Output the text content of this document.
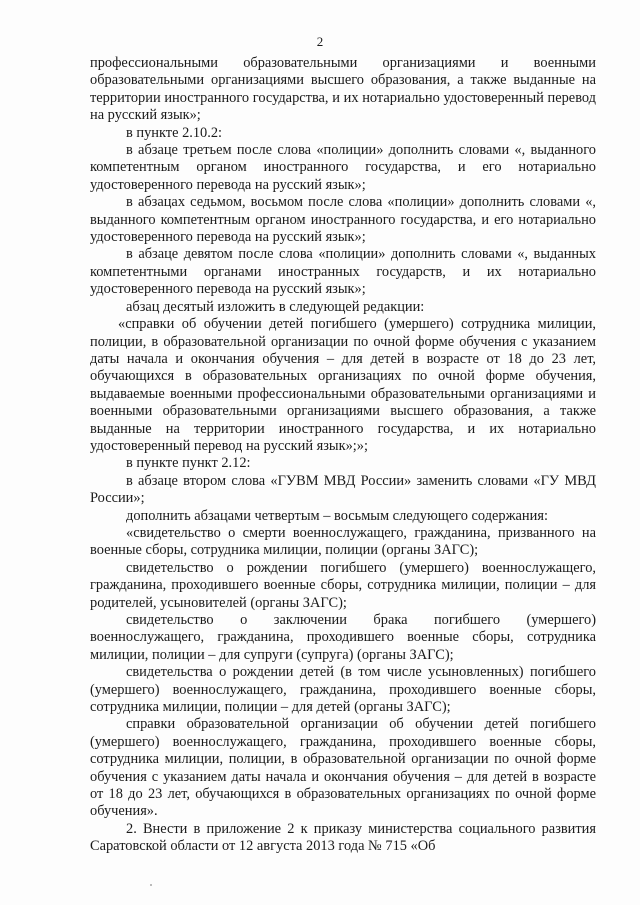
2

профессиональными образовательными организациями и военными образовательными организациями высшего образования, а также выданные на территории иностранного государства, и их нотариально удостоверенный перевод на русский язык»;

в пункте 2.10.2:

в абзаце третьем после слова «полиции» дополнить словами «, выданного компетентным органом иностранного государства, и его нотариально удостоверенного перевода на русский язык»;

в абзацах седьмом, восьмом после слова «полиции» дополнить словами «, выданного компетентным органом иностранного государства, и его нотариально удостоверенного перевода на русский язык»;

в абзаце девятом после слова «полиции» дополнить словами «, выданных компетентными органами иностранных государств, и их нотариально удостоверенного перевода на русский язык»;

абзац десятый изложить в следующей редакции:

«справки об обучении детей погибшего (умершего) сотрудника милиции, полиции, в образовательной организации по очной форме обучения с указанием даты начала и окончания обучения – для детей в возрасте от 18 до 23 лет, обучающихся в образовательных организациях по очной форме обучения, выдаваемые военными профессиональными образовательными организациями и военными образовательными организациями высшего образования, а также выданные на территории иностранного государства, и их нотариально удостоверенный перевод на русский язык»;»;

в пункте пункт 2.12:

в абзаце втором слова «ГУВМ МВД России» заменить словами «ГУ МВД России»;

дополнить абзацами четвертым – восьмым следующего содержания:

«свидетельство о смерти военнослужащего, гражданина, призванного на военные сборы, сотрудника милиции, полиции (органы ЗАГС);

свидетельство о рождении погибшего (умершего) военнослужащего, гражданина, проходившего военные сборы, сотрудника милиции, полиции – для родителей, усыновителей (органы ЗАГС);

свидетельство о заключении брака погибшего (умершего) военнослужащего, гражданина, проходившего военные сборы, сотрудника милиции, полиции – для супруги (супруга) (органы ЗАГС);

свидетельства о рождении детей (в том числе усыновленных) погибшего (умершего) военнослужащего, гражданина, проходившего военные сборы, сотрудника милиции, полиции – для детей (органы ЗАГС);

справки образовательной организации об обучении детей погибшего (умершего) военнослужащего, гражданина, проходившего военные сборы, сотрудника милиции, полиции, в образовательной организации по очной форме обучения с указанием даты начала и окончания обучения – для детей в возрасте от 18 до 23 лет, обучающихся в образовательных организациях по очной форме обучения».

2. Внести в приложение 2 к приказу министерства социального развития Саратовской области от 12 августа 2013 года № 715 «Об
